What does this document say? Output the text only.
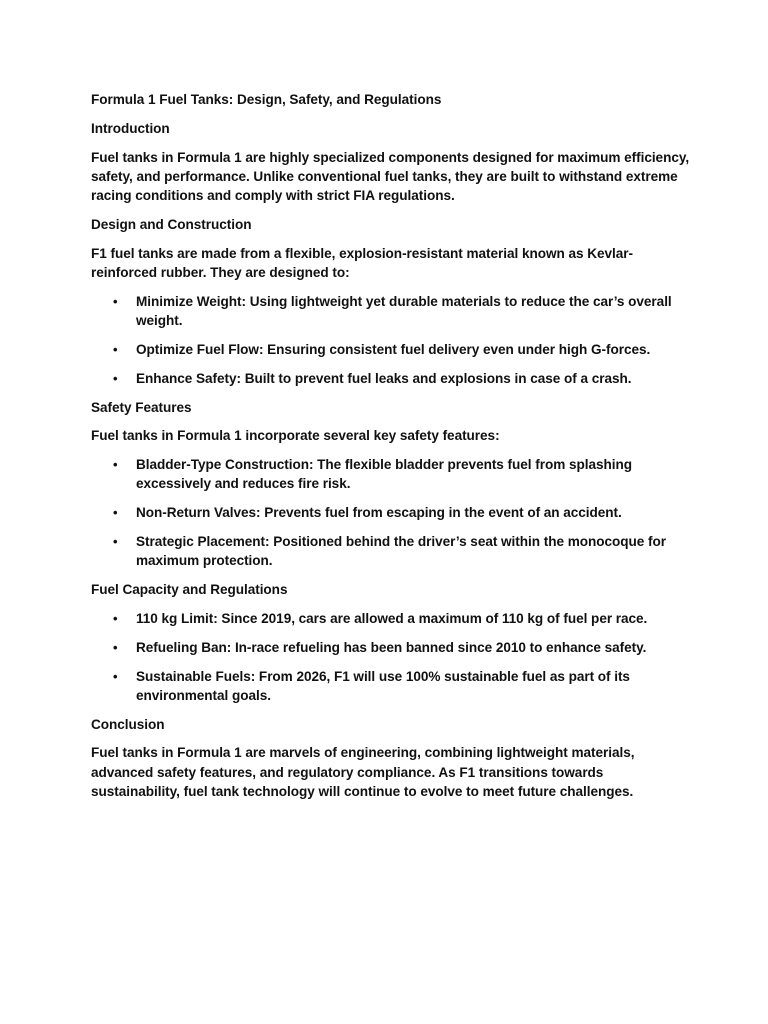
Formula 1 Fuel Tanks: Design, Safety, and Regulations

Introduction

Fuel tanks in Formula 1 are highly specialized components designed for maximum efficiency, safety, and performance. Unlike conventional fuel tanks, they are built to withstand extreme racing conditions and comply with strict FIA regulations.

Design and Construction

F1 fuel tanks are made from a flexible, explosion-resistant material known as Kevlar-reinforced rubber. They are designed to:

• Minimize Weight: Using lightweight yet durable materials to reduce the car’s overall weight.
• Optimize Fuel Flow: Ensuring consistent fuel delivery even under high G-forces.
• Enhance Safety: Built to prevent fuel leaks and explosions in case of a crash.

Safety Features

Fuel tanks in Formula 1 incorporate several key safety features:

• Bladder-Type Construction: The flexible bladder prevents fuel from splashing excessively and reduces fire risk.
• Non-Return Valves: Prevents fuel from escaping in the event of an accident.
• Strategic Placement: Positioned behind the driver’s seat within the monocoque for maximum protection.

Fuel Capacity and Regulations

• 110 kg Limit: Since 2019, cars are allowed a maximum of 110 kg of fuel per race.
• Refueling Ban: In-race refueling has been banned since 2010 to enhance safety.
• Sustainable Fuels: From 2026, F1 will use 100% sustainable fuel as part of its environmental goals.

Conclusion

Fuel tanks in Formula 1 are marvels of engineering, combining lightweight materials, advanced safety features, and regulatory compliance. As F1 transitions towards sustainability, fuel tank technology will continue to evolve to meet future challenges.
